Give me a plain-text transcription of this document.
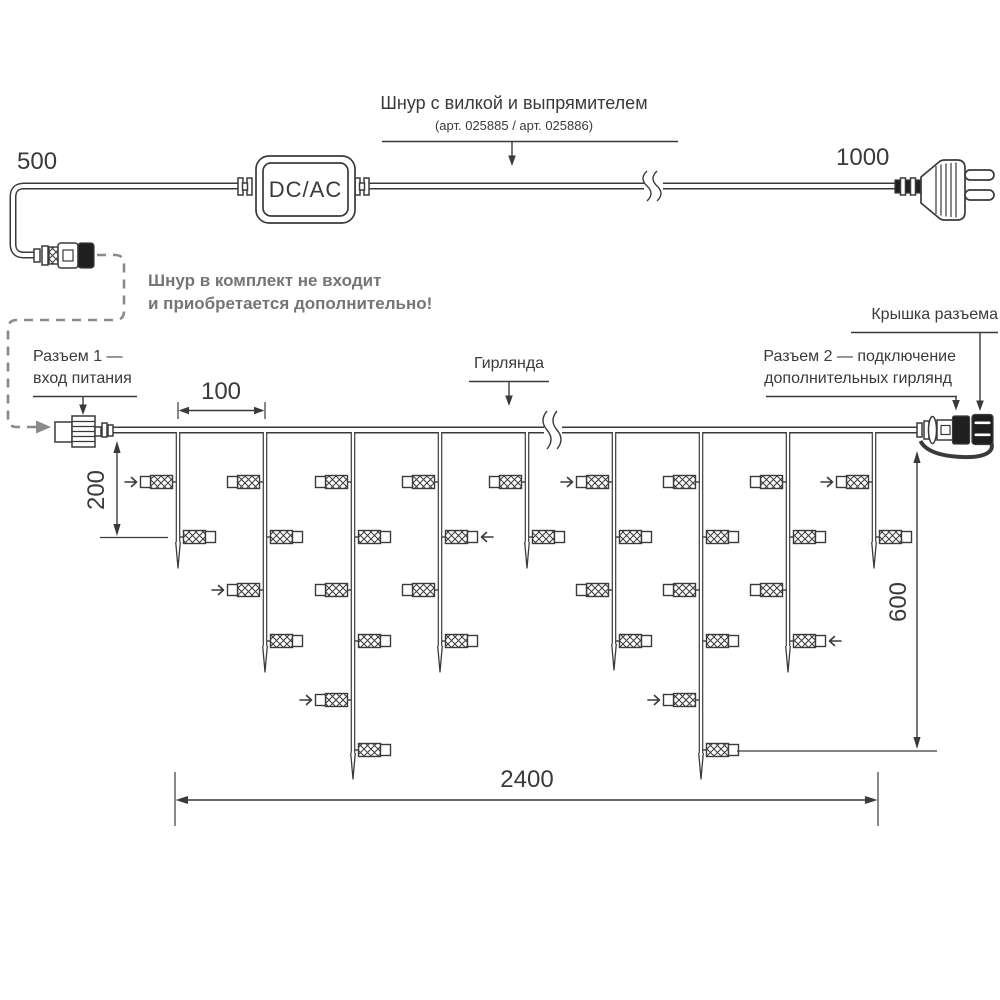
Шнур с вилкой и выпрямителем
(арт. 025885 / арт. 025886)
500	1000
DC/AC
Шнур в комплект не входит
и приобретается дополнительно!
Разъем 1 —
вход питания
Гирлянда
Крышка разъема
Разъем 2 — подключение
дополнительных гирлянд
100
200
600
2400
